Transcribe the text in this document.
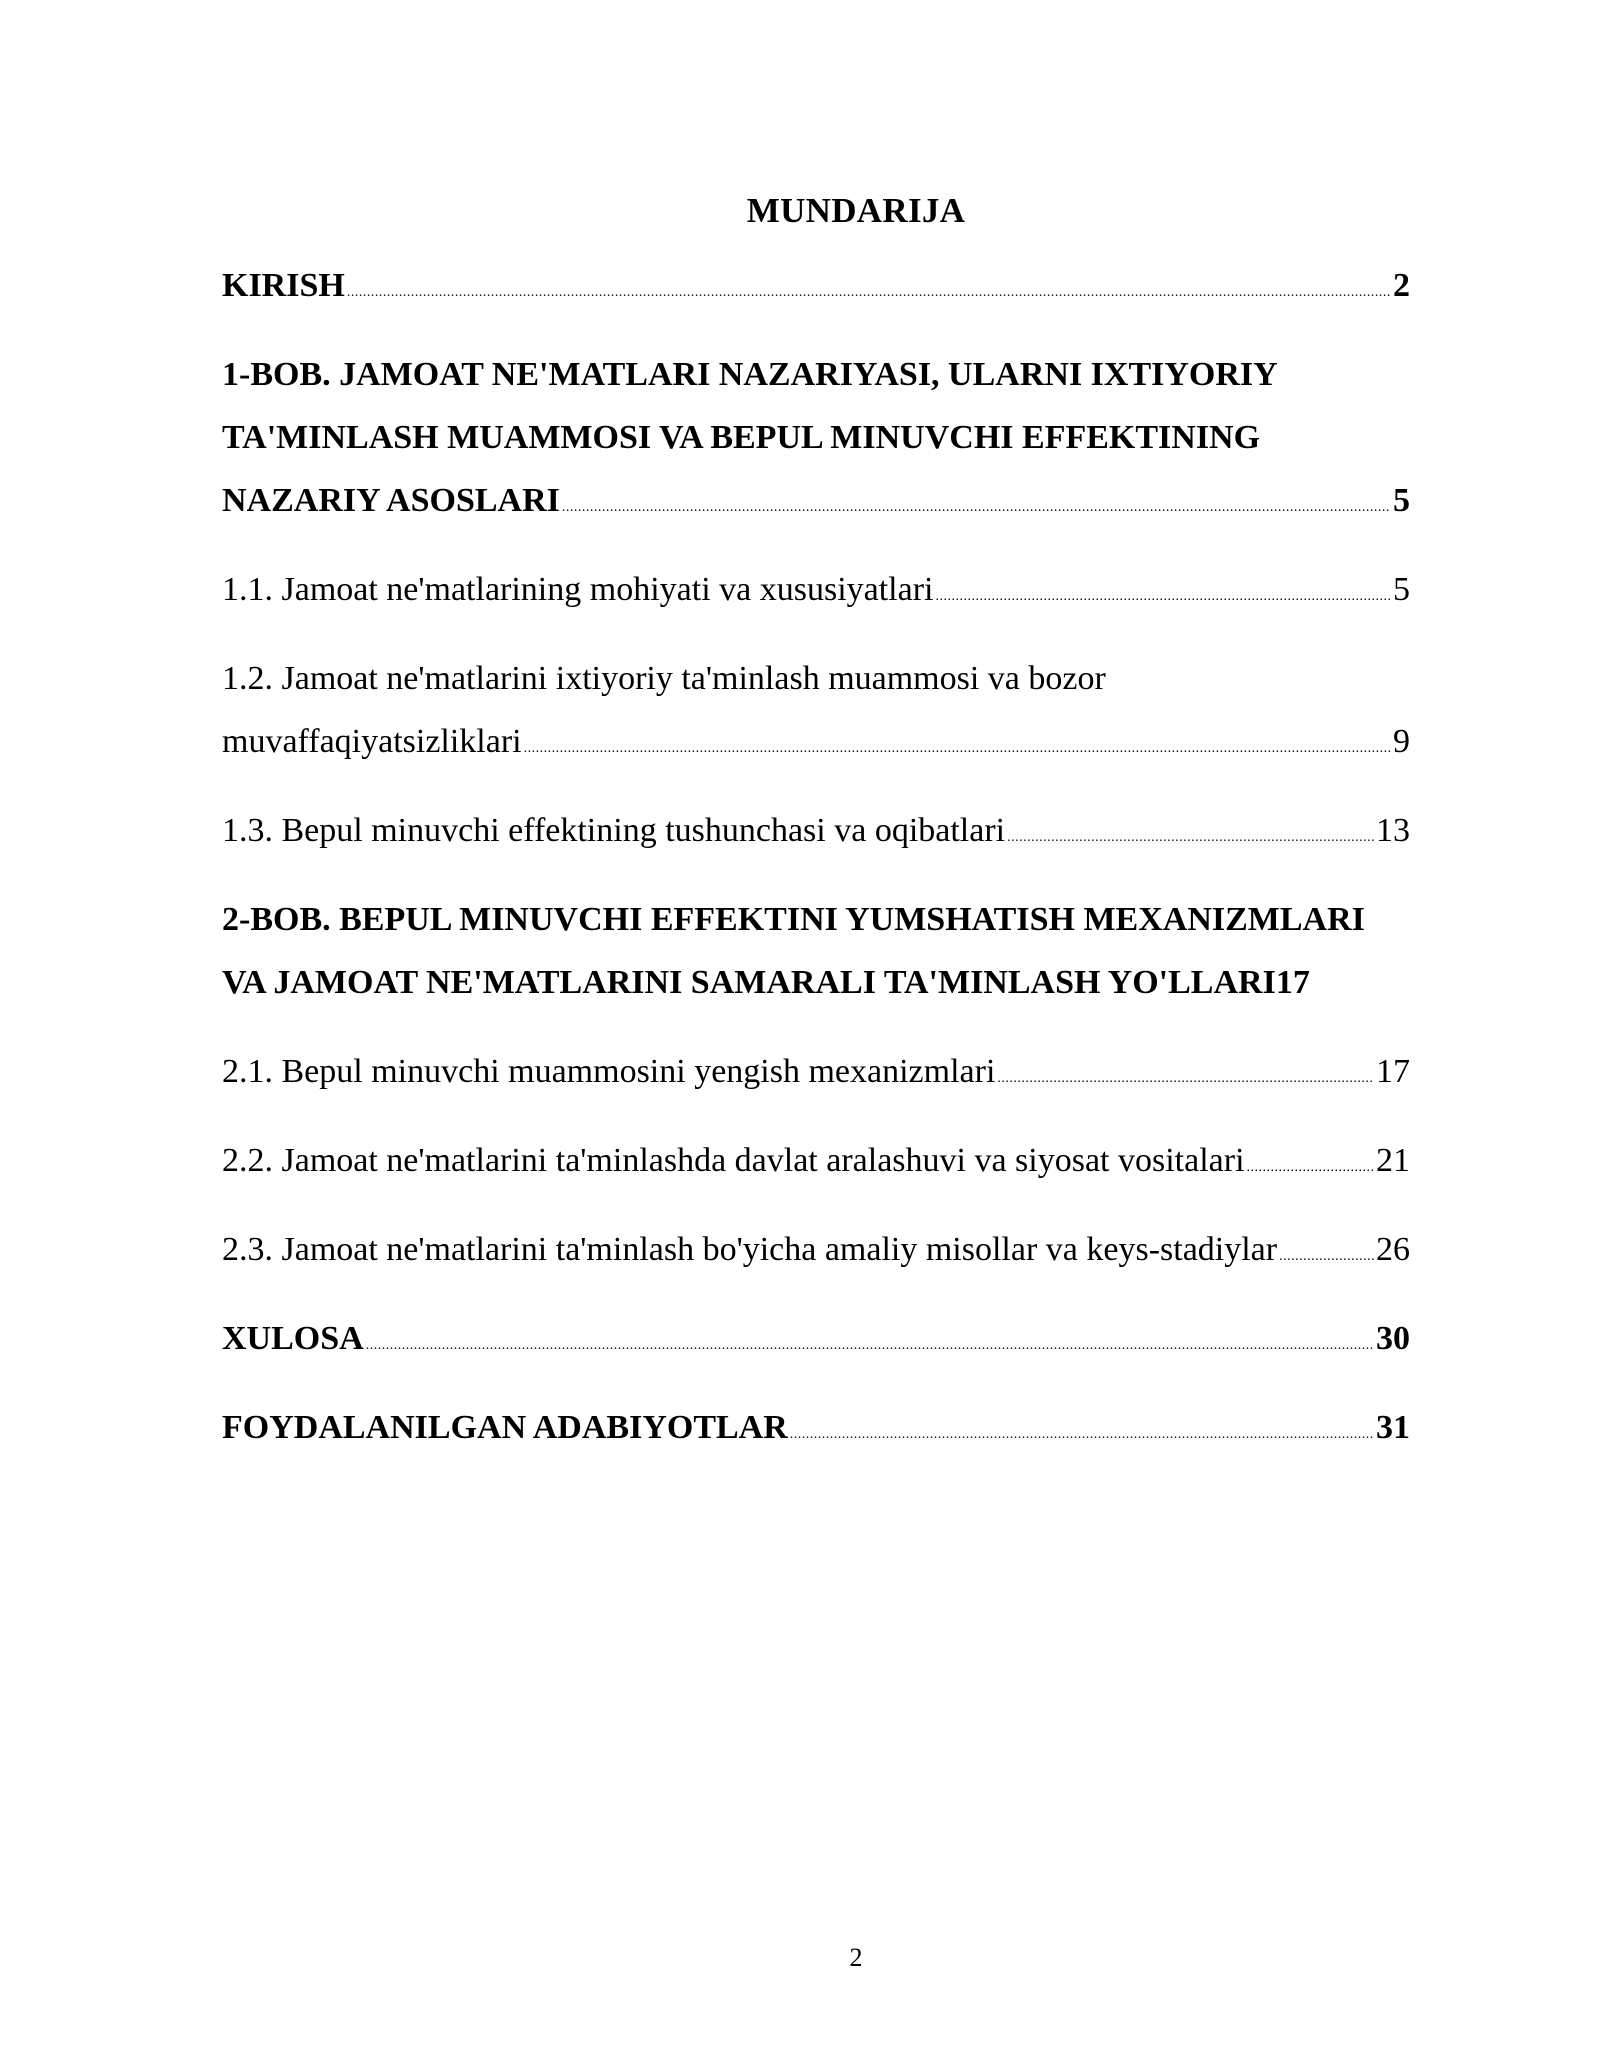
MUNDARIJA
KIRISH .....	2
1-BOB. JAMOAT NE'MATLARI NAZARIYASI, ULARNI IXTIYORIY
TA'MINLASH MUAMMOSI VA BEPUL MINUVCHI EFFEKTINING
NAZARIY ASOSLARI .....	5
1.1. Jamoat ne'matlarining mohiyati va xususiyatlari .....	5
1.2. Jamoat ne'matlarini ixtiyoriy ta'minlash muammosi va bozor
muvaffaqiyatsizliklari .....	9
1.3. Bepul minuvchi effektining tushunchasi va oqibatlari .....	13
2-BOB. BEPUL MINUVCHI EFFEKTINI YUMSHATISH MEXANIZMLARI
VA JAMOAT NE'MATLARINI SAMARALI TA'MINLASH YO'LLARI 17
2.1. Bepul minuvchi muammosini yengish mexanizmlari .....	17
2.2. Jamoat ne'matlarini ta'minlashda davlat aralashuvi va siyosat vositalari .....	21
2.3. Jamoat ne'matlarini ta'minlash bo'yicha amaliy misollar va keys-stadiylar .....	26
XULOSA .....	30
FOYDALANILGAN ADABIYOTLAR .....	31
2
